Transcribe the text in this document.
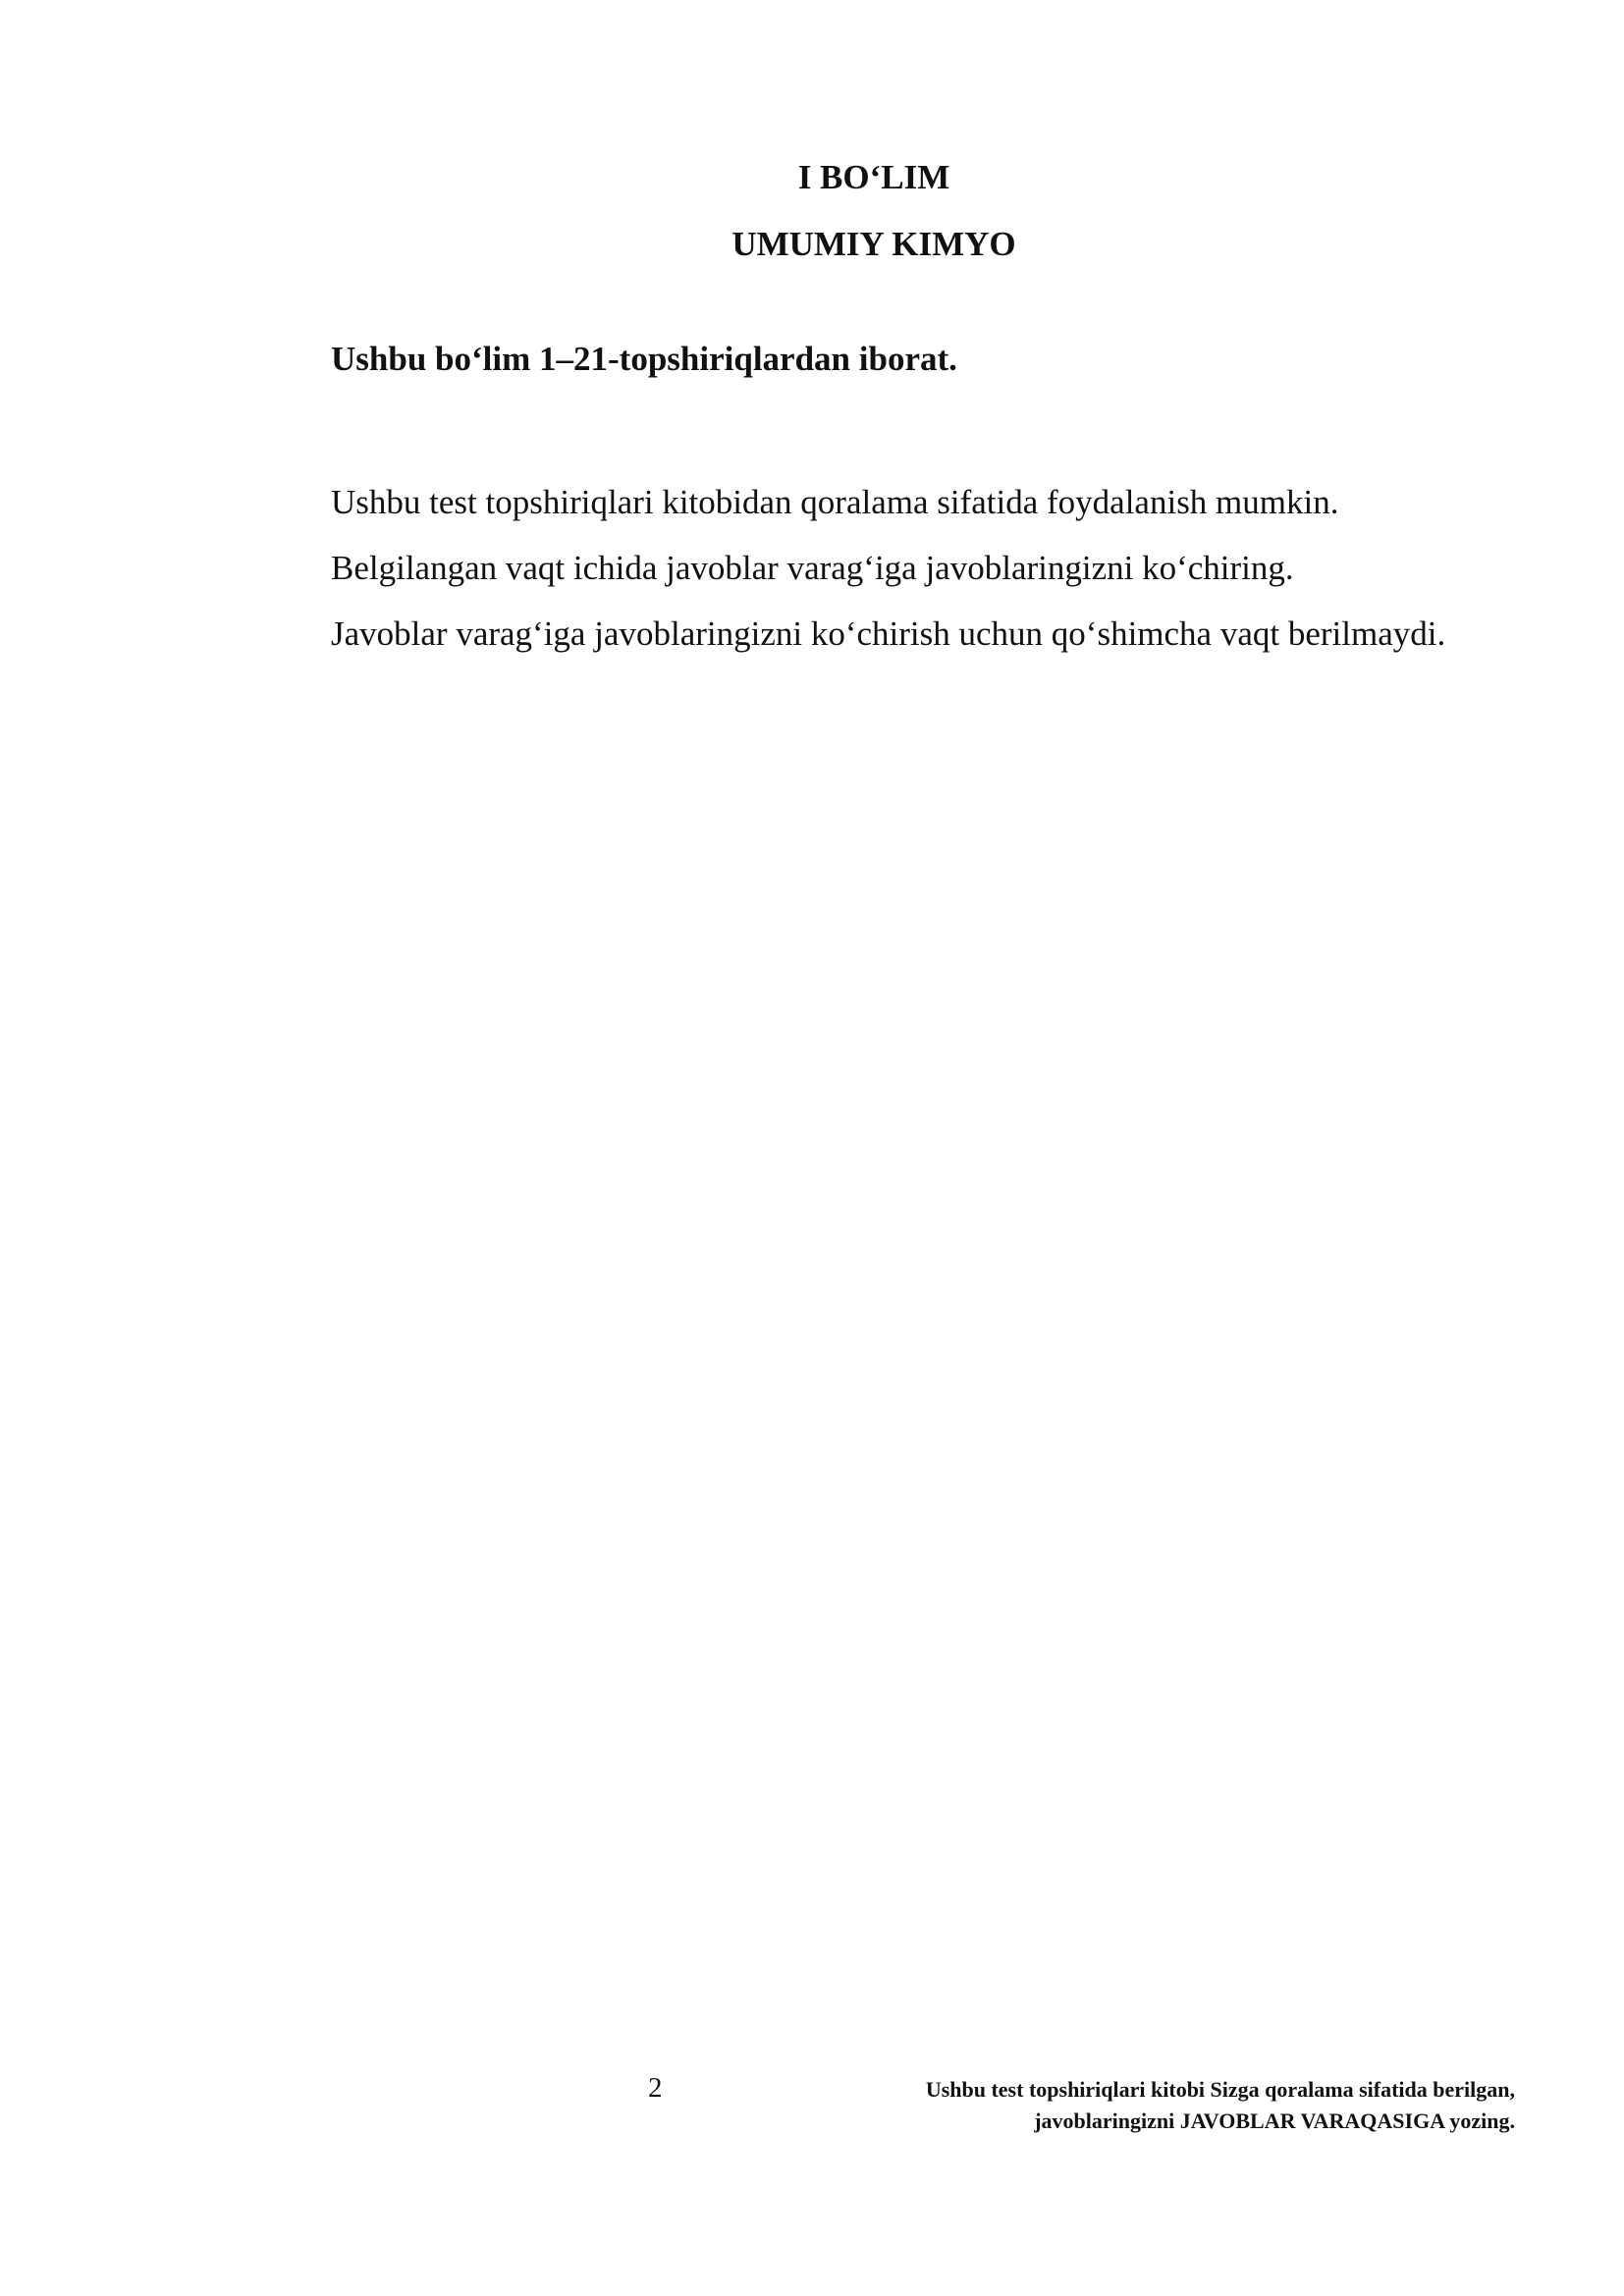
I BO‘LIM
UMUMIY KIMYO

Ushbu bo‘lim 1–21-topshiriqlardan iborat.

Ushbu test topshiriqlari kitobidan qoralama sifatida foydalanish mumkin.

Belgilangan vaqt ichida javoblar varag‘iga javoblaringizni ko‘chiring.

Javoblar varag‘iga javoblaringizni ko‘chirish uchun qo‘shimcha vaqt berilmaydi.

2	Ushbu test topshiriqlari kitobi Sizga qoralama sifatida berilgan,
javoblaringizni JAVOBLAR VARAQASIGA yozing.
